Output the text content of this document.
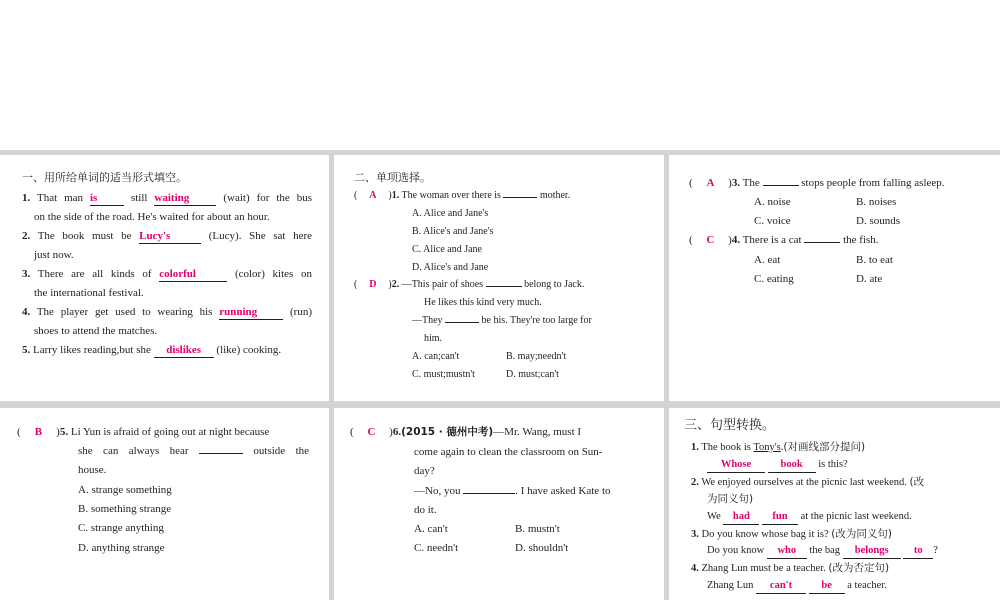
一、用所给单词的适当形式填空。
1. That man is	still waiting	(wait) for the bus
on the side of the road. He's waited for about an hour.
2. The book must be Lucy's	(Lucy). She sat here
just now.
3. There are all kinds of colorful	(color) kites on
the international festival.
4. The player get used to wearing his running	(run)
shoes to attend the matches.
5. Larry likes reading,but she dislikes (like) cooking.
二、单项选择。
( A )1. The woman over there is	mother.
A. Alice and Jane's
B. Alice's and Jane's
C. Alice and Jane
D. Alice's and Jane
( D )2. —This pair of shoes	belong to Jack.
He likes this kind very much.
—They	be his. They're too large for
him.
A. can;can't	B. may;needn't
C. must;mustn't	D. must;can't
( A )3. The	stops people from falling asleep.
A. noise	B. noises
C. voice	D. sounds
( C )4. There is a cat	the fish.
A. eat	B. to eat
C. eating	D. ate
( B )5. Li Yun is afraid of going out at night because
she can always hear	outside the
house.
A. strange something
B. something strange
C. strange anything
D. anything strange
( C )6.(2015 · 德州中考)—Mr. Wang, must I
come again to clean the classroom on Sun-
day?
—No, you	. I have asked Kate to
do it.
A. can't	B. mustn't
C. needn't	D. shouldn't
三、句型转换。
1. The book is Tony's.(对画线部分提问)
Whose	book is this?
2. We enjoyed ourselves at the picnic last weekend. (改
为同义句)
We had fun at the picnic last weekend.
3. Do you know whose bag it is? (改为同义句)
Do you know who the bag belongs to ?
4. Zhang Lun must be a teacher. (改为否定句)
Zhang Lun can't	be a teacher.
